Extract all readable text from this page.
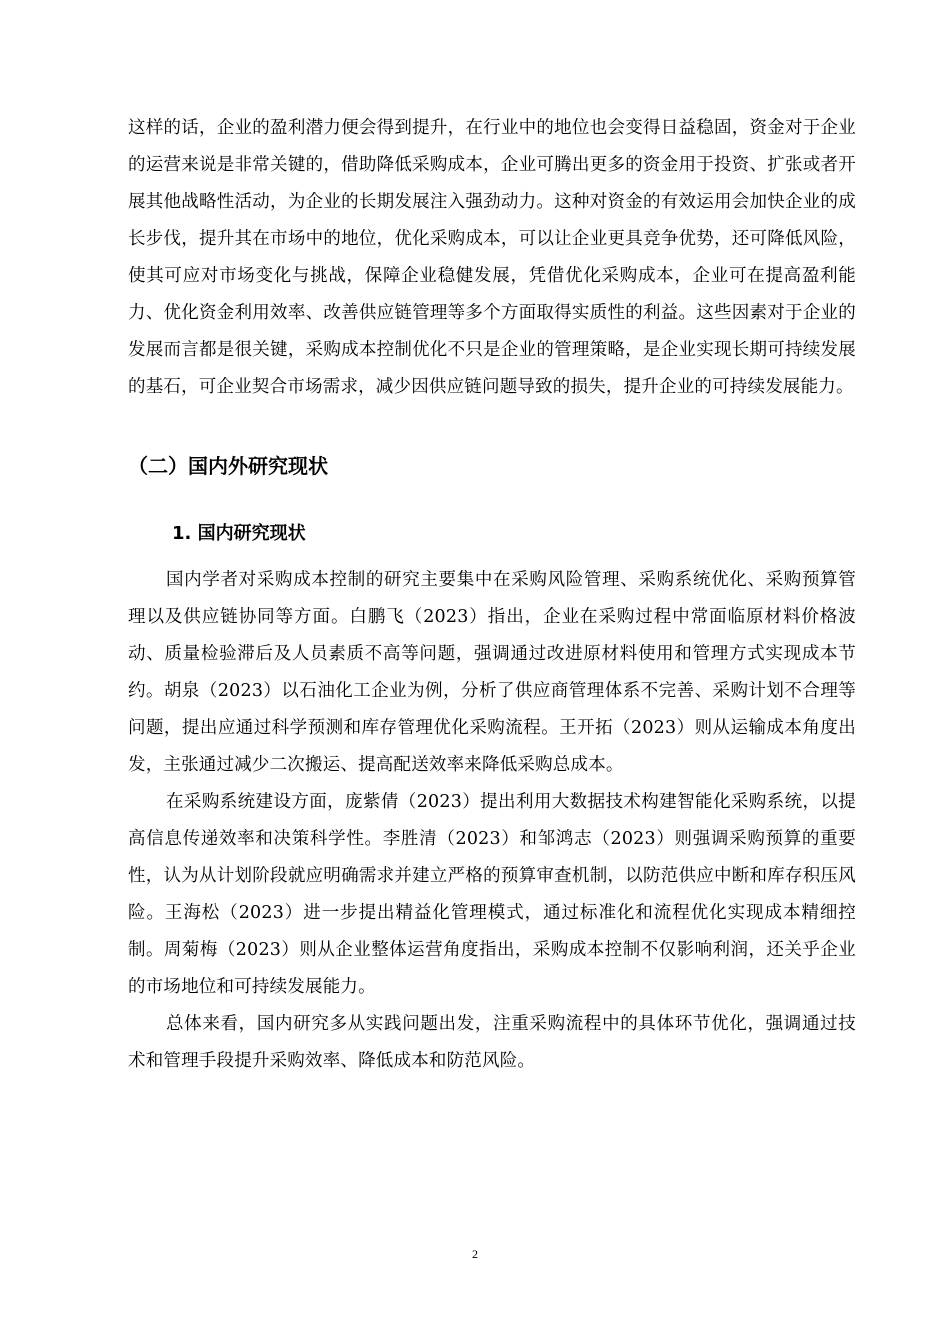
这样的话，企业的盈利潜力便会得到提升，在行业中的地位也会变得日益稳固，资金对于企业的运营来说是非常关键的，借助降低采购成本，企业可腾出更多的资金用于投资、扩张或者开展其他战略性活动，为企业的长期发展注入强劲动力。这种对资金的有效运用会加快企业的成长步伐，提升其在市场中的地位，优化采购成本，可以让企业更具竞争优势，还可降低风险，使其可应对市场变化与挑战，保障企业稳健发展，凭借优化采购成本，企业可在提高盈利能力、优化资金利用效率、改善供应链管理等多个方面取得实质性的利益。这些因素对于企业的发展而言都是很关键，采购成本控制优化不只是企业的管理策略，是企业实现长期可持续发展的基石，可企业契合市场需求，减少因供应链问题导致的损失，提升企业的可持续发展能力。

（二）国内外研究现状
1. 国内研究现状

国内学者对采购成本控制的研究主要集中在采购风险管理、采购系统优化、采购预算管理以及供应链协同等方面。白鹏飞（2023）指出，企业在采购过程中常面临原材料价格波动、质量检验滞后及人员素质不高等问题，强调通过改进原材料使用和管理方式实现成本节约。胡泉（2023）以石油化工企业为例，分析了供应商管理体系不完善、采购计划不合理等问题，提出应通过科学预测和库存管理优化采购流程。王开拓（2023）则从运输成本角度出发，主张通过减少二次搬运、提高配送效率来降低采购总成本。

在采购系统建设方面，庞紫倩（2023）提出利用大数据技术构建智能化采购系统，以提高信息传递效率和决策科学性。李胜清（2023）和邹鸿志（2023）则强调采购预算的重要性，认为从计划阶段就应明确需求并建立严格的预算审查机制，以防范供应中断和库存积压风险。王海松（2023）进一步提出精益化管理模式，通过标准化和流程优化实现成本精细控制。周菊梅（2023）则从企业整体运营角度指出，采购成本控制不仅影响利润，还关乎企业的市场地位和可持续发展能力。

总体来看，国内研究多从实践问题出发，注重采购流程中的具体环节优化，强调通过技术和管理手段提升采购效率、降低成本和防范风险。

2
